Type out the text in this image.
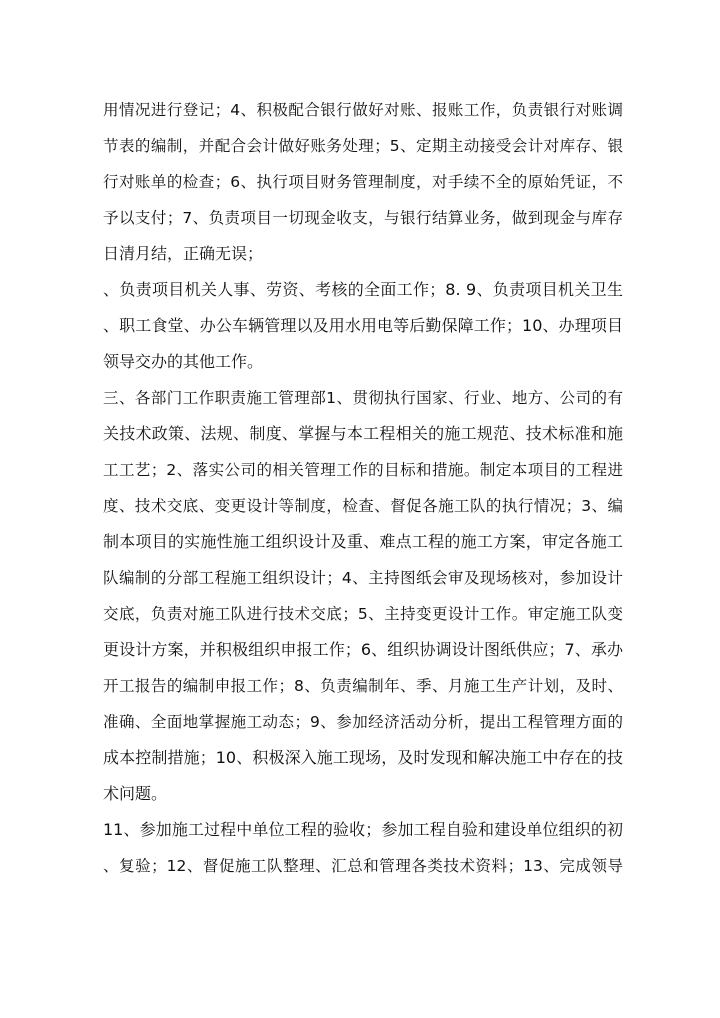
用情况进行登记；4、积极配合银行做好对账、报账工作，负责银行对账调
节表的编制，并配合会计做好账务处理；5、定期主动接受会计对库存、银
行对账单的检查；6、执行项目财务管理制度，对手续不全的原始凭证，不
予以支付；7、负责项目一切现金收支，与银行结算业务，做到现金与库存
日清月结，正确无误；
、负责项目机关人事、劳资、考核的全面工作；8. 9、负责项目机关卫生
、职工食堂、办公车辆管理以及用水用电等后勤保障工作；10、办理项目
领导交办的其他工作。
三、各部门工作职责施工管理部1、贯彻执行国家、行业、地方、公司的有
关技术政策、法规、制度、掌握与本工程相关的施工规范、技术标准和施
工工艺；2、落实公司的相关管理工作的目标和措施。制定本项目的工程进
度、技术交底、变更设计等制度，检查、督促各施工队的执行情况；3、编
制本项目的实施性施工组织设计及重、难点工程的施工方案，审定各施工
队编制的分部工程施工组织设计；4、主持图纸会审及现场核对，参加设计
交底，负责对施工队进行技术交底；5、主持变更设计工作。审定施工队变
更设计方案，并积极组织申报工作；6、组织协调设计图纸供应；7、承办
开工报告的编制申报工作；8、负责编制年、季、月施工生产计划，及时、
准确、全面地掌握施工动态；9、参加经济活动分析，提出工程管理方面的
成本控制措施；10、积极深入施工现场，及时发现和解决施工中存在的技
术问题。
11、参加施工过程中单位工程的验收；参加工程自验和建设单位组织的初
、复验；12、督促施工队整理、汇总和管理各类技术资料；13、完成领导
